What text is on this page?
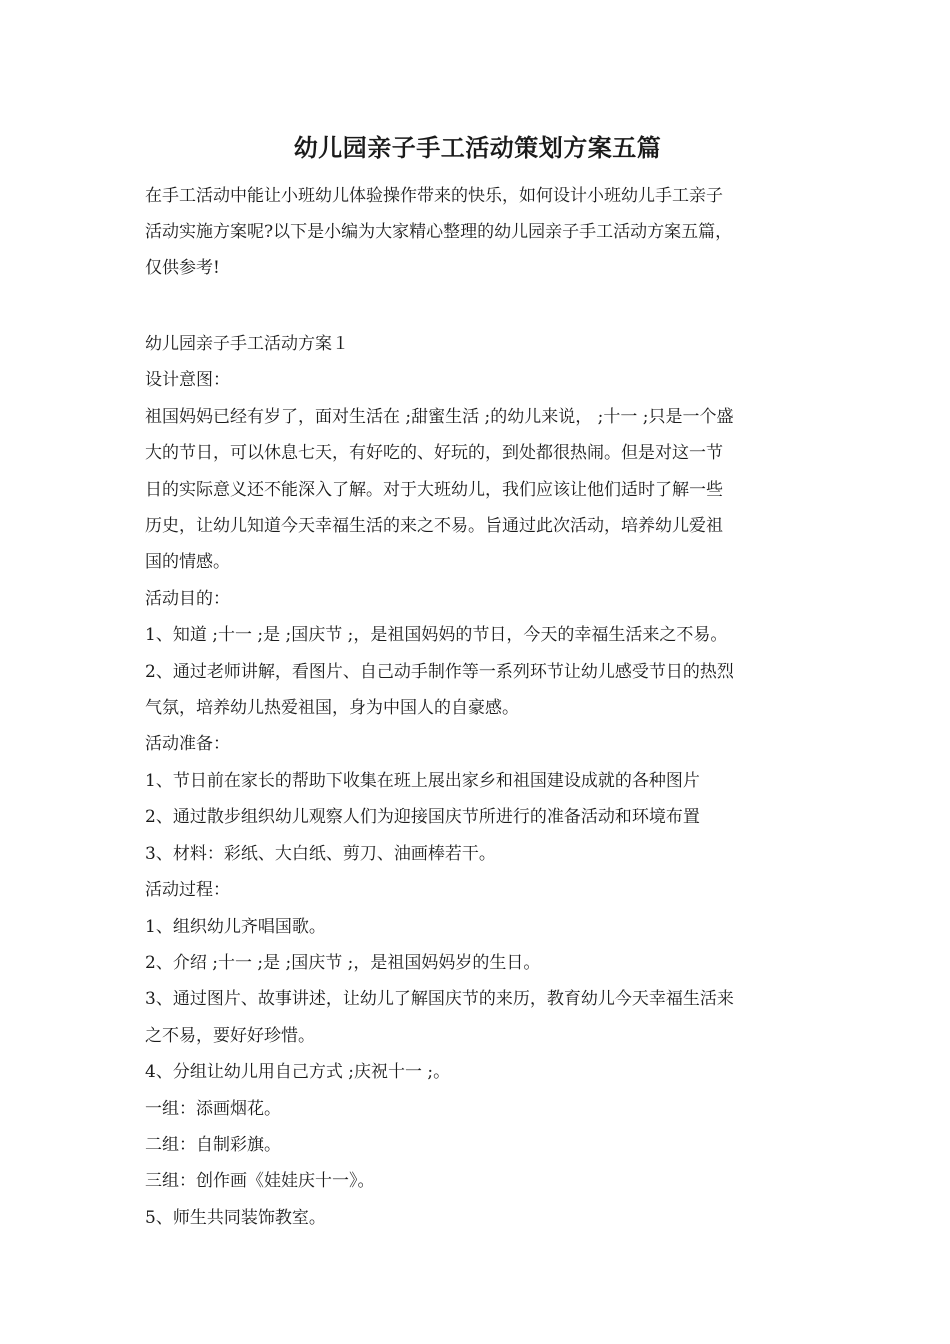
幼儿园亲子手工活动策划方案五篇

在手工活动中能让小班幼儿体验操作带来的快乐，如何设计小班幼儿手工亲子

活动实施方案呢?以下是小编为大家精心整理的幼儿园亲子手工活动方案五篇，

仅供参考!

幼儿园亲子手工活动方案１

设计意图：

祖国妈妈已经有岁了，面对生活在 ;甜蜜生活 ;的幼儿来说， ;十一 ;只是一个盛

大的节日，可以休息七天，有好吃的、好玩的，到处都很热闹。但是对这一节

日的实际意义还不能深入了解。对于大班幼儿，我们应该让他们适时了解一些

历史，让幼儿知道今天幸福生活的来之不易。旨通过此次活动，培养幼儿爱祖

国的情感。

活动目的：

1、知道 ;十一 ;是 ;国庆节 ;，是祖国妈妈的节日，今天的幸福生活来之不易。

2、通过老师讲解，看图片、自己动手制作等一系列环节让幼儿感受节日的热烈

气氛，培养幼儿热爱祖国，身为中国人的自豪感。

活动准备：

1、节日前在家长的帮助下收集在班上展出家乡和祖国建设成就的各种图片

2、通过散步组织幼儿观察人们为迎接国庆节所进行的准备活动和环境布置

3、材料：彩纸、大白纸、剪刀、油画棒若干。

活动过程：

1、组织幼儿齐唱国歌。

2、介绍 ;十一 ;是 ;国庆节 ;，是祖国妈妈岁的生日。

3、通过图片、故事讲述，让幼儿了解国庆节的来历，教育幼儿今天幸福生活来

之不易，要好好珍惜。

4、分组让幼儿用自己方式 ;庆祝十一 ;。

一组：添画烟花。

二组：自制彩旗。

三组：创作画《娃娃庆十一》。

5、师生共同装饰教室。
